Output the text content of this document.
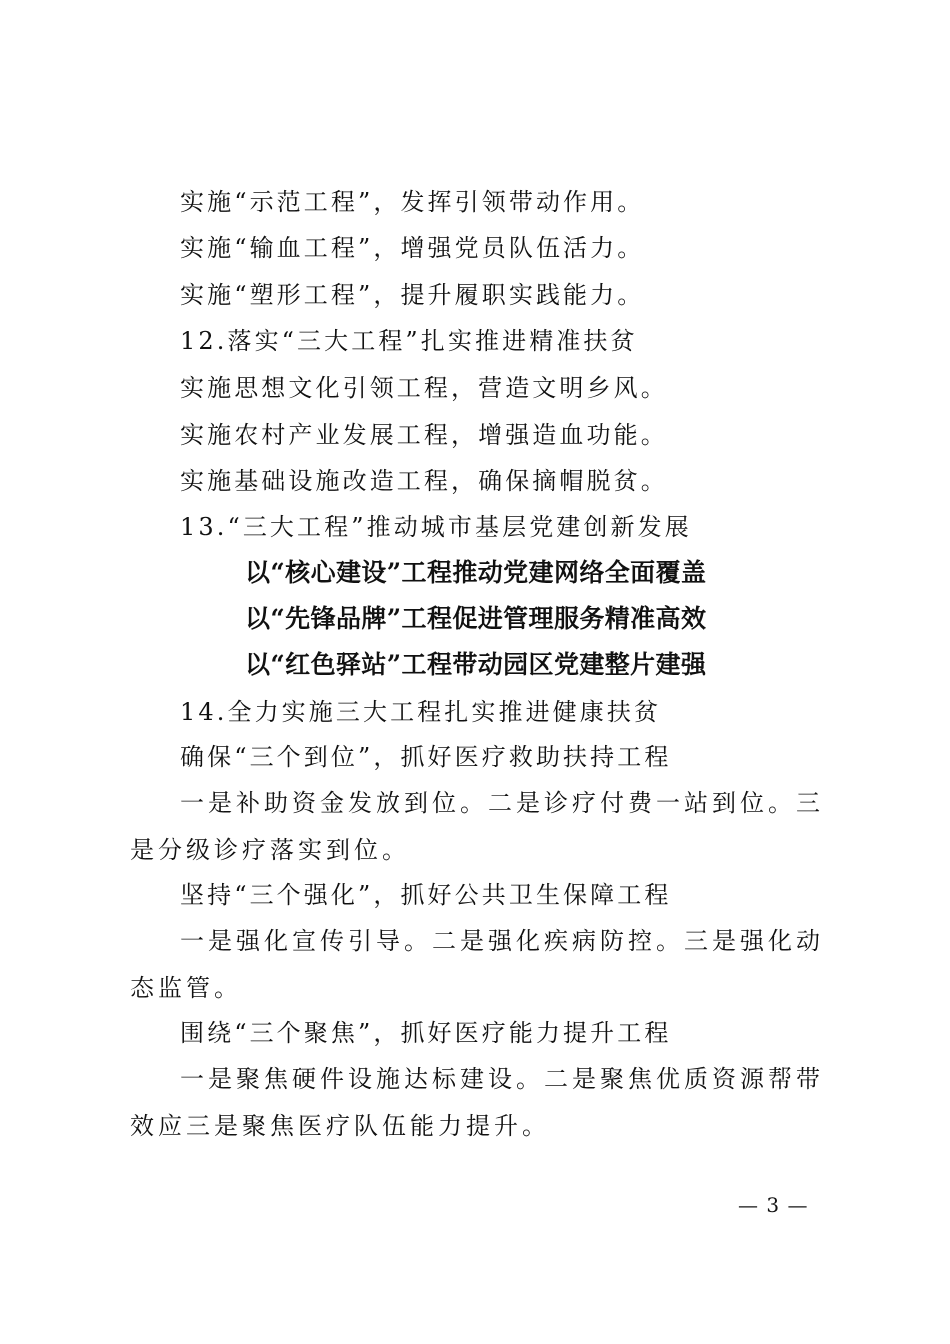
实施“示范工程”，发挥引领带动作用。
实施“输血工程”，增强党员队伍活力。
实施“塑形工程”，提升履职实践能力。
12.落实“三大工程”扎实推进精准扶贫
实施思想文化引领工程，营造文明乡风。
实施农村产业发展工程，增强造血功能。
实施基础设施改造工程，确保摘帽脱贫。
13.“三大工程”推动城市基层党建创新发展
以“核心建设”工程推动党建网络全面覆盖
以“先锋品牌”工程促进管理服务精准高效
以“红色驿站”工程带动园区党建整片建强
14.全力实施三大工程扎实推进健康扶贫
确保“三个到位”，抓好医疗救助扶持工程
一是补助资金发放到位。二是诊疗付费一站到位。三是分级诊疗落实到位。
坚持“三个强化”，抓好公共卫生保障工程
一是强化宣传引导。二是强化疾病防控。三是强化动态监管。
围绕“三个聚焦”，抓好医疗能力提升工程
一是聚焦硬件设施达标建设。二是聚焦优质资源帮带效应三是聚焦医疗队伍能力提升。
— 3 —
